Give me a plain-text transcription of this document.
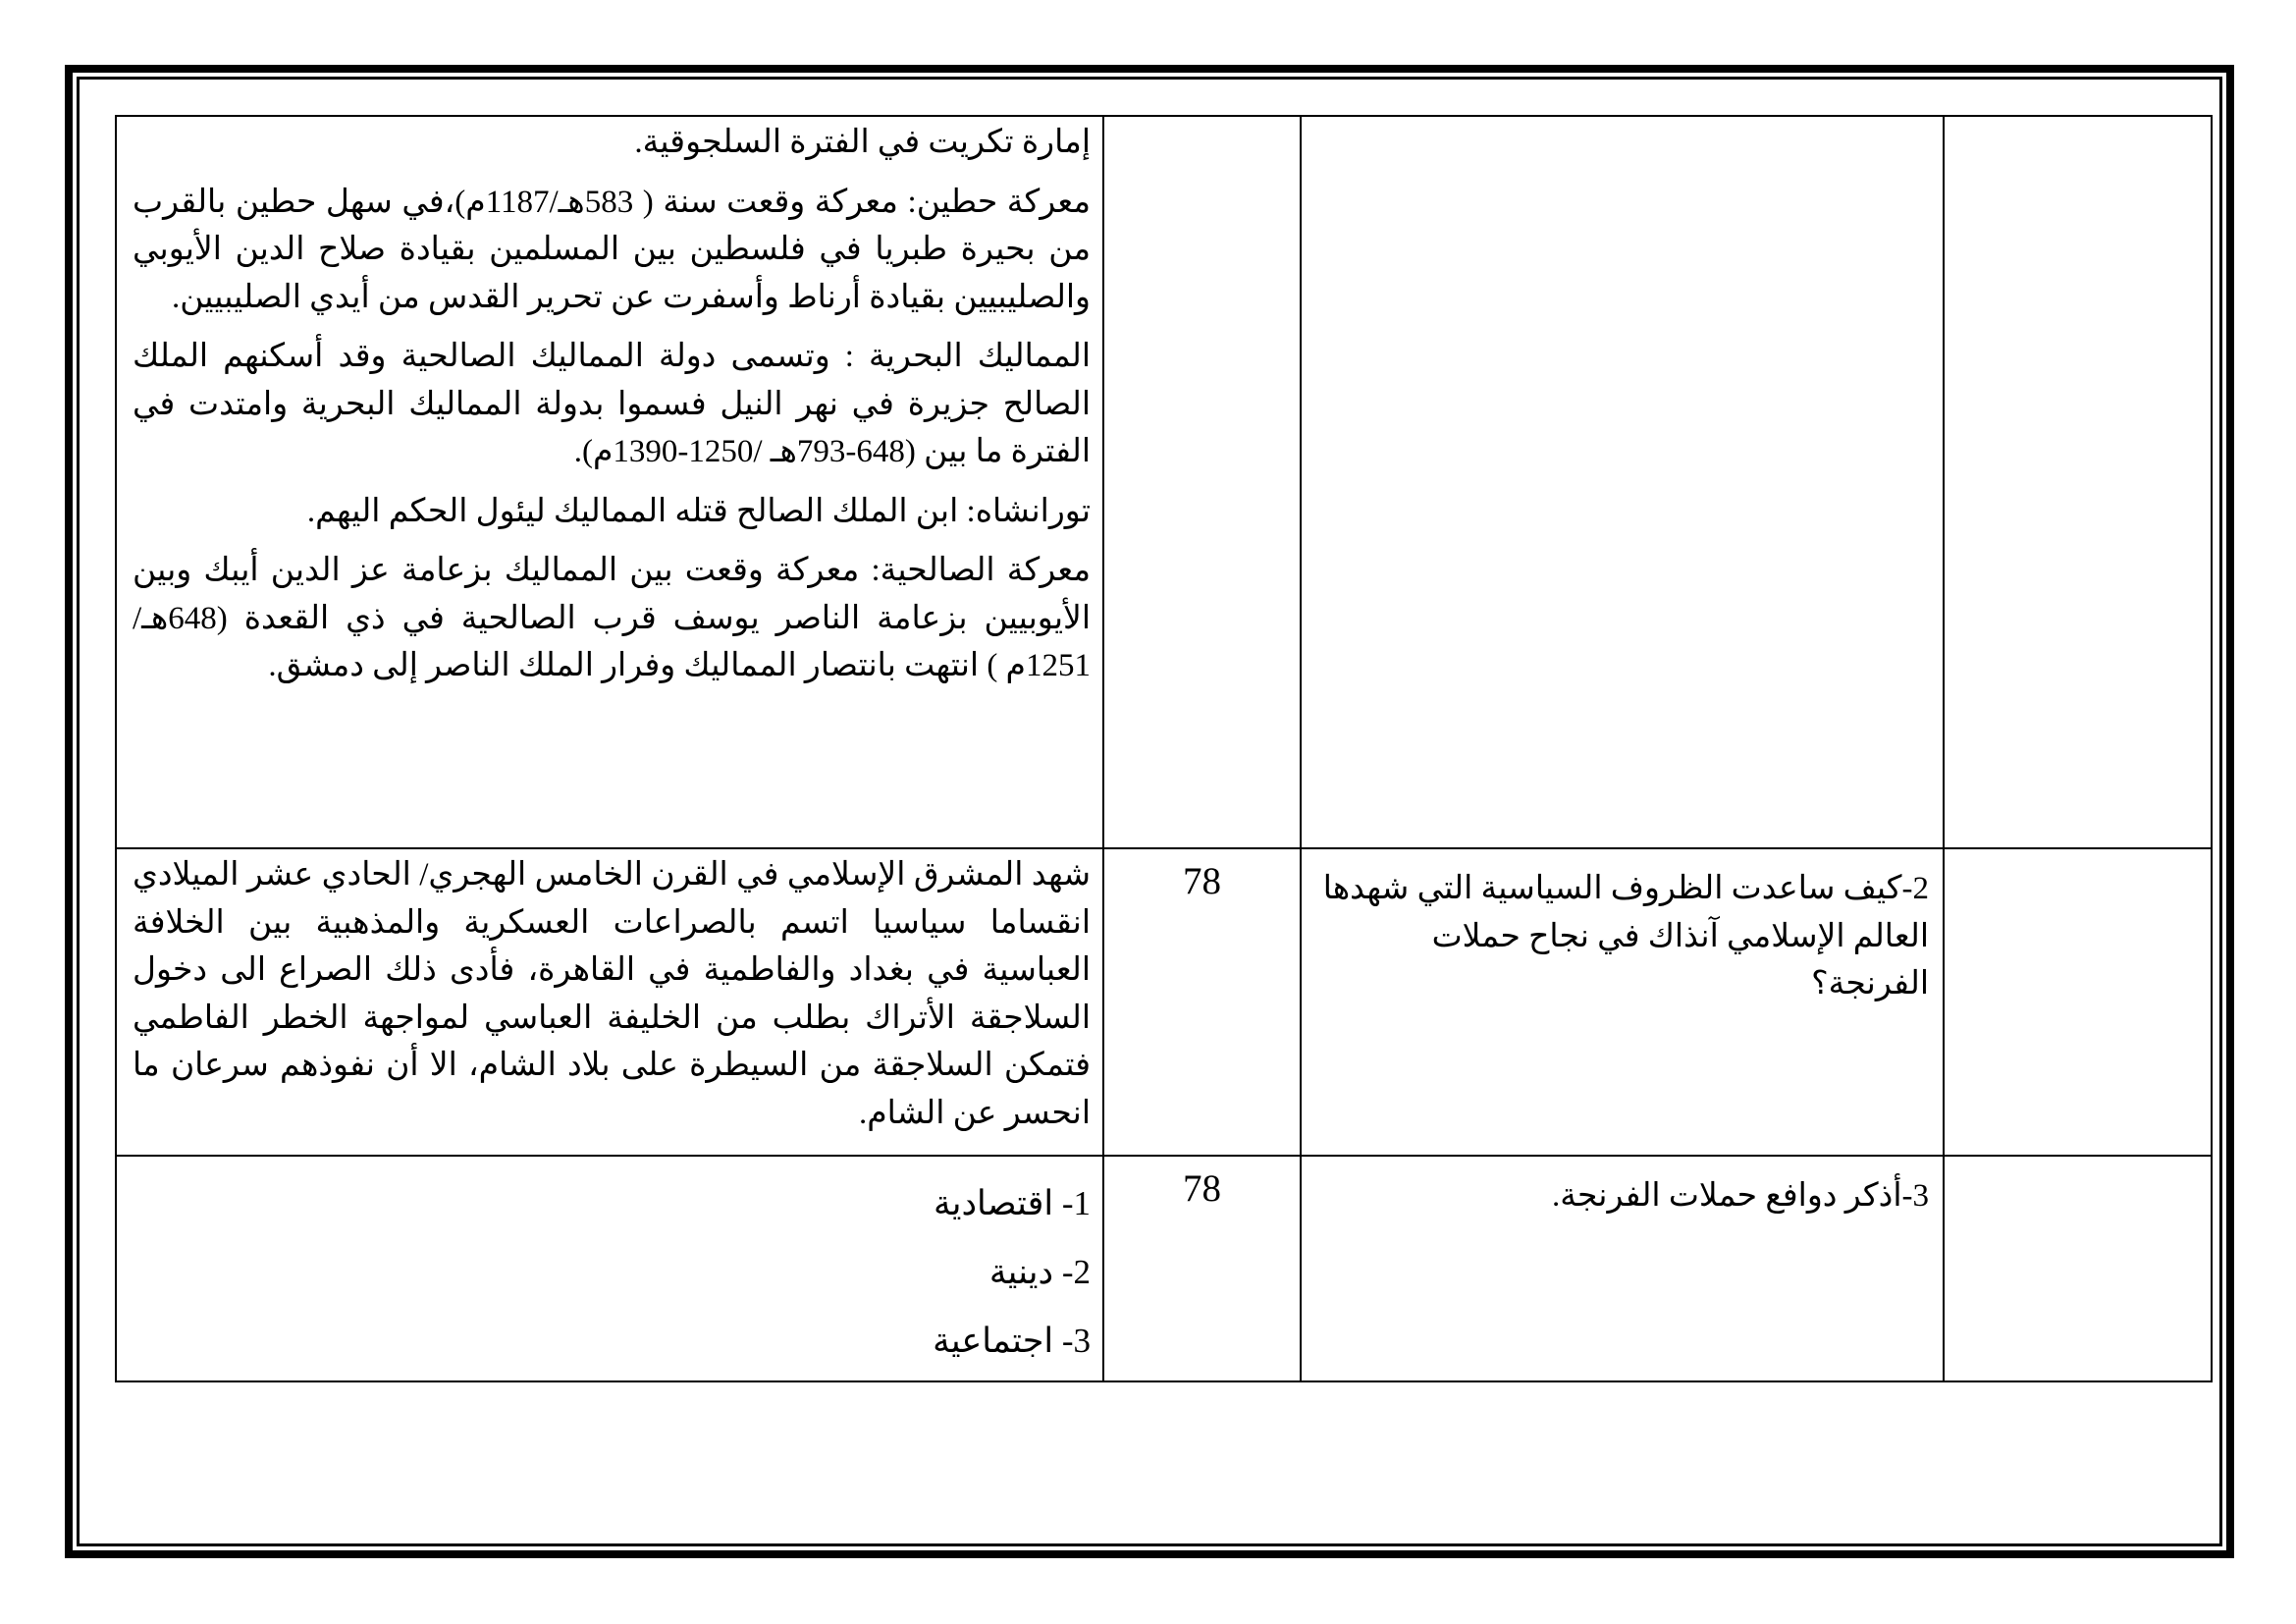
إمارة تكريت في الفترة السلجوقية.

معركة حطين: معركة وقعت سنة ( 583هـ/1187م)،في سهل حطين بالقرب من بحيرة طبريا في فلسطين بين المسلمين بقيادة صلاح الدين الأيوبي والصليبيين بقيادة أرناط وأسفرت عن تحرير القدس من أيدي الصليبيين.

المماليك البحرية : وتسمى دولة المماليك الصالحية وقد أسكنهم الملك الصالح جزيرة في نهر النيل فسموا بدولة المماليك البحرية وامتدت في الفترة ما بين (648-793هـ /1250-1390م).

تورانشاه: ابن الملك الصالح قتله المماليك ليئول الحكم اليهم.

معركة الصالحية: معركة وقعت بين المماليك بزعامة عز الدين أيبك وبين الأيوبيين بزعامة الناصر يوسف قرب الصالحية في ذي القعدة (648هـ/ 1251م ) انتهت بانتصار المماليك وفرار الملك الناصر إلى دمشق.			

شهد المشرق الإسلامي في القرن الخامس الهجري/ الحادي عشر الميلادي انقساما سياسيا اتسم بالصراعات العسكرية والمذهبية بين الخلافة العباسية في بغداد والفاطمية في القاهرة، فأدى ذلك الصراع الى دخول السلاجقة الأتراك بطلب من الخليفة العباسي لمواجهة الخطر الفاطمي فتمكن السلاجقة من السيطرة على بلاد الشام، الا أن نفوذهم سرعان ما انحسر عن الشام.	78	2-كيف ساعدت الظروف السياسية التي شهدها العالم الإسلامي آنذاك في نجاح حملات الفرنجة؟	

1- اقتصادية
2- دينية
3- اجتماعية	78	3-أذكر دوافع حملات الفرنجة.	
